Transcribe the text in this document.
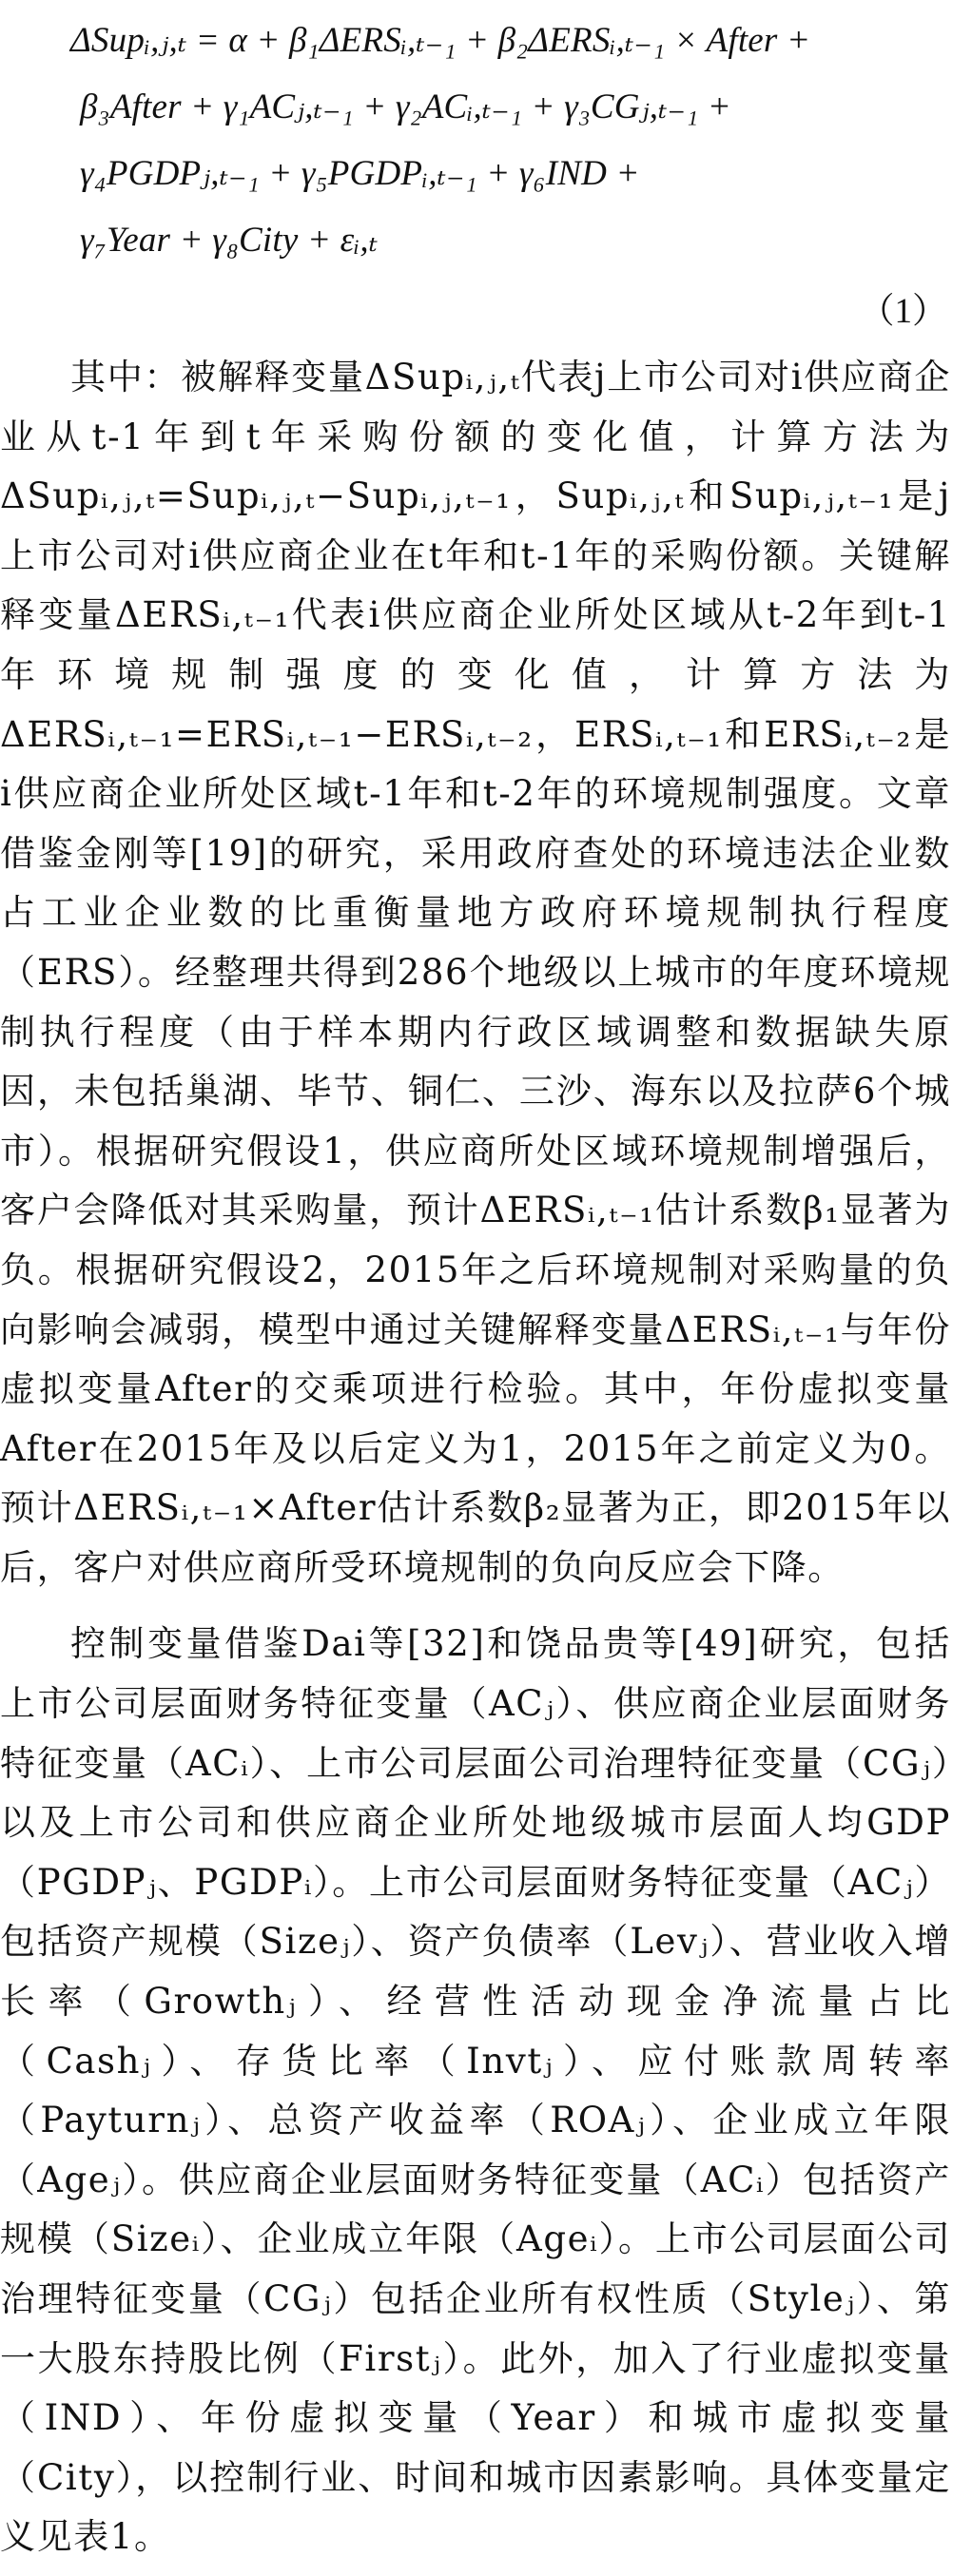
ΔSupᵢ,ⱼ,ₜ = α + β₁ΔERSᵢ,ₜ₋₁ + β₂ΔERSᵢ,ₜ₋₁ × After +
β₃After + γ₁ACⱼ,ₜ₋₁ + γ₂ACᵢ,ₜ₋₁ + γ₃CGⱼ,ₜ₋₁ +
γ₄PGDPⱼ,ₜ₋₁ + γ₅PGDPᵢ,ₜ₋₁ + γ₆IND +
γ₇Year + γ₈City + εᵢ,ₜ
（1）

其中：被解释变量ΔSupᵢ,ⱼ,ₜ代表j上市公司对i供应商企业从t-1年到t年采购份额的变化值，计算方法为ΔSupᵢ,ⱼ,ₜ=Supᵢ,ⱼ,ₜ−Supᵢ,ⱼ,ₜ₋₁，Supᵢ,ⱼ,ₜ和Supᵢ,ⱼ,ₜ₋₁是j上市公司对i供应商企业在t年和t-1年的采购份额。关键解释变量ΔERSᵢ,ₜ₋₁代表i供应商企业所处区域从t-2年到t-1年环境规制强度的变化值，计算方法为ΔERSᵢ,ₜ₋₁=ERSᵢ,ₜ₋₁−ERSᵢ,ₜ₋₂，ERSᵢ,ₜ₋₁和ERSᵢ,ₜ₋₂是i供应商企业所处区域t-1年和t-2年的环境规制强度。文章借鉴金刚等[19]的研究，采用政府查处的环境违法企业数占工业企业数的比重衡量地方政府环境规制执行程度（ERS）。经整理共得到286个地级以上城市的年度环境规制执行程度（由于样本期内行政区域调整和数据缺失原因，未包括巢湖、毕节、铜仁、三沙、海东以及拉萨6个城市）。根据研究假设1，供应商所处区域环境规制增强后，客户会降低对其采购量，预计ΔERSᵢ,ₜ₋₁估计系数β₁显著为负。根据研究假设2，2015年之后环境规制对采购量的负向影响会减弱，模型中通过关键解释变量ΔERSᵢ,ₜ₋₁与年份虚拟变量After的交乘项进行检验。其中，年份虚拟变量After在2015年及以后定义为1，2015年之前定义为0。预计ΔERSᵢ,ₜ₋₁×After估计系数β₂显著为正，即2015年以后，客户对供应商所受环境规制的负向反应会下降。

控制变量借鉴Dai等[32]和饶品贵等[49]研究，包括上市公司层面财务特征变量（ACⱼ）、供应商企业层面财务特征变量（ACᵢ）、上市公司层面公司治理特征变量（CGⱼ）以及上市公司和供应商企业所处地级城市层面人均GDP（PGDPⱼ、PGDPᵢ）。上市公司层面财务特征变量（ACⱼ）包括资产规模（Sizeⱼ）、资产负债率（Levⱼ）、营业收入增长率（Growthⱼ）、经营性活动现金净流量占比（Cashⱼ）、存货比率（Invtⱼ）、应付账款周转率（Payturnⱼ）、总资产收益率（ROAⱼ）、企业成立年限（Ageⱼ）。供应商企业层面财务特征变量（ACᵢ）包括资产规模（Sizeᵢ）、企业成立年限（Ageᵢ）。上市公司层面公司治理特征变量（CGⱼ）包括企业所有权性质（Styleⱼ）、第一大股东持股比例（Firstⱼ）。此外，加入了行业虚拟变量（IND）、年份虚拟变量（Year）和城市虚拟变量（City），以控制行业、时间和城市因素影响。具体变量定义见表1。
